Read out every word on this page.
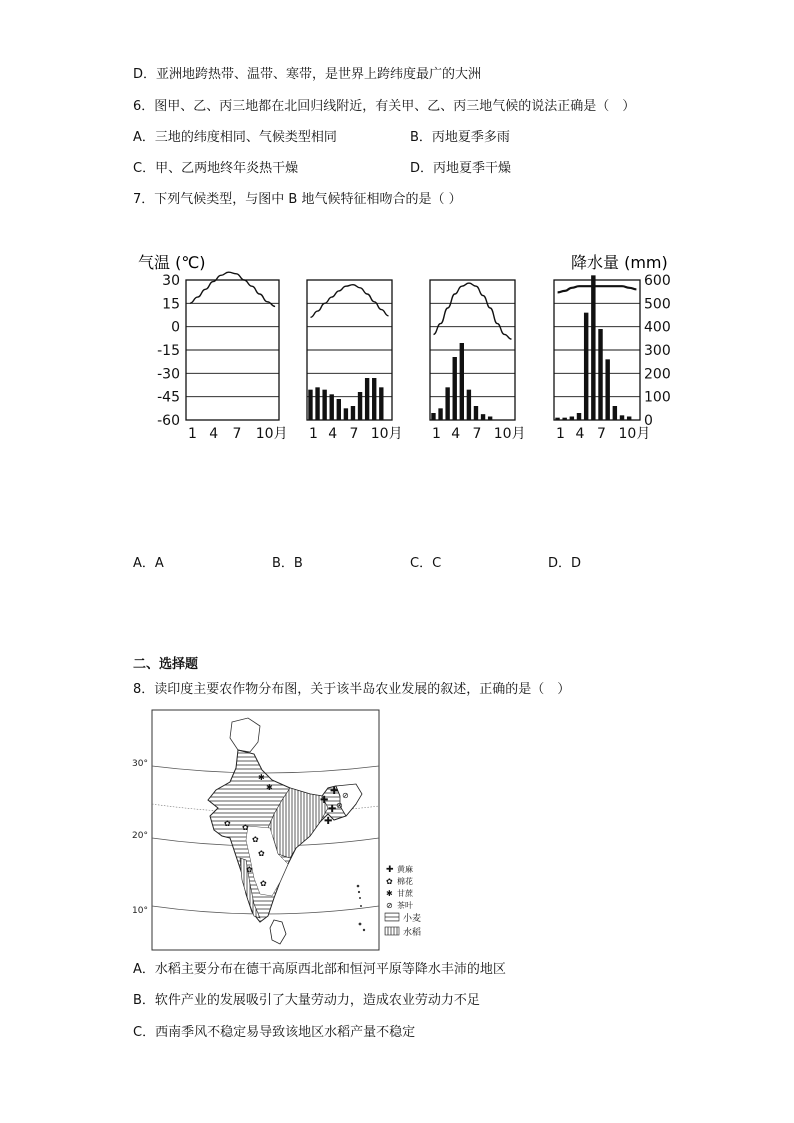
D．亚洲地跨热带、温带、寒带，是世界上跨纬度最广的大洲
6．图甲、乙、丙三地都在北回归线附近，有关甲、乙、丙三地气候的说法正确是（　）
A．三地的纬度相同、气候类型相同	B．丙地夏季多雨
C．甲、乙两地终年炎热干燥	D．丙地夏季干燥
7．下列气候类型，与图中 B 地气候特征相吻合的是（ ）
气温 (℃)	降水量 (mm)
1 4 7 10月
30
15
0
-15
-30
-45
-60
1 4 7 10月 1 4 7 10月 1 4 7 10月
600
500
400
300
200
100
0
A．A	B．B	C．C	D．D
二、选择题
8．读印度主要农作物分布图，关于该半岛农业发展的叙述，正确的是（　）
✚
✚
✚
✚
⊘
⊘
✱
✱
✿ ✿
✿
✿
✿
✿
30°
20°
10°
✚ 黄麻
✿ 棉花
✱ 甘蔗
⊘ 茶叶
小麦
水稻
A．水稻主要分布在德干高原西北部和恒河平原等降水丰沛的地区
B．软件产业的发展吸引了大量劳动力，造成农业劳动力不足
C．西南季风不稳定易导致该地区水稻产量不稳定
